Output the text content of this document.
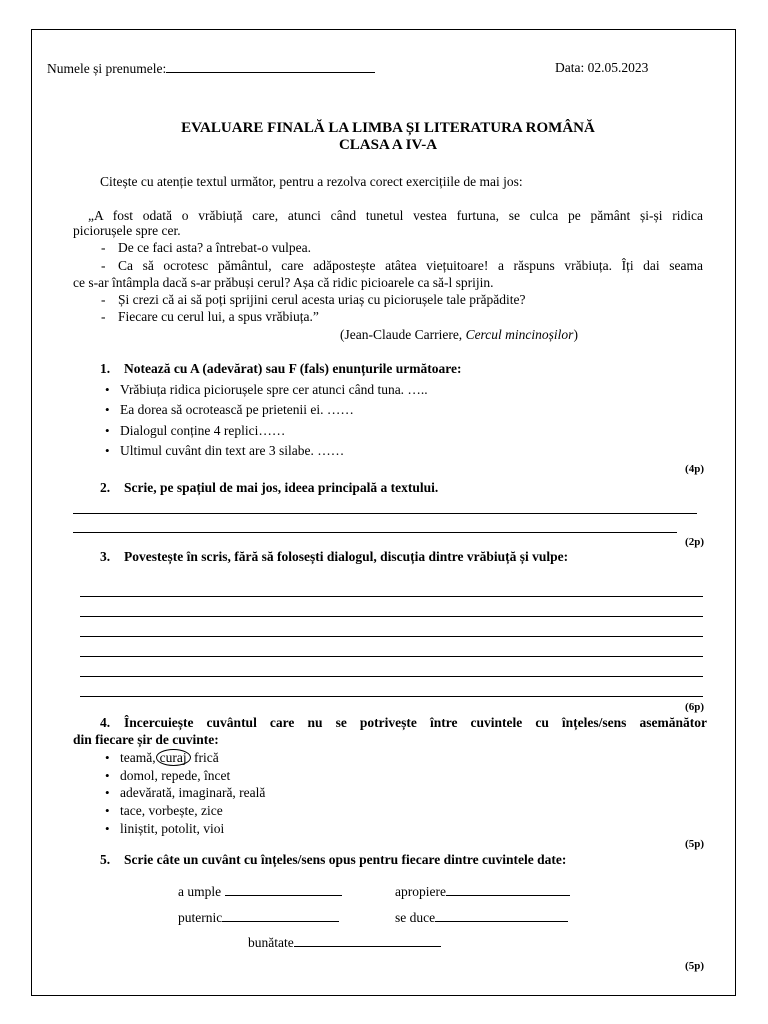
Numele și prenumele:	Data: 02.05.2023
EVALUARE FINALĂ LA LIMBA ȘI LITERATURA ROMÂNĂ
CLASA A IV-A
Citește cu atenție textul următor, pentru a rezolva corect exercițiile de mai jos:
„A fost odată o vrăbiuță care, atunci când tunetul vestea furtuna, se culca pe pământ și-și ridica
piciorușele spre cer.
- De ce faci asta? a întrebat-o vulpea.
- Ca să ocrotesc pământul, care adăpostește atâtea viețuitoare! a răspuns vrăbiuța. Îți dai seama
ce s-ar întâmpla dacă s-ar prăbuși cerul? Așa că ridic picioarele ca să-l sprijin.
- Și crezi că ai să poți sprijini cerul acesta uriaș cu piciorușele tale prăpădite?
- Fiecare cu cerul lui, a spus vrăbiuța.”
(Jean-Claude Carriere, Cercul mincinoșilor)
1. Notează cu A (adevărat) sau F (fals) enunțurile următoare:
•
Vrăbiuța ridica piciorușele spre cer atunci când tuna. …..
•
Ea dorea să ocrotească pe prietenii ei. ……
•
Dialogul conține 4 replici……
•
Ultimul cuvânt din text are 3 silabe. ……
(4p)
2. Scrie, pe spațiul de mai jos, ideea principală a textului.
(2p)
3. Povestește în scris, fără să folosești dialogul, discuția dintre vrăbiuță și vulpe:
(6p)
4. Încercuiește cuvântul care nu se potrivește între cuvintele cu înțeles/sens asemănător
din fiecare șir de cuvinte:
•
teamă, curaj frică
•
domol, repede, încet
•
adevărată, imaginară, reală
•
tace, vorbește, zice
•
liniștit, potolit, vioi
(5p)
5. Scrie câte un cuvânt cu înțeles/sens opus pentru fiecare dintre cuvintele date:
a umple	apropiere
puternic	se duce
bunătate
(5p)
